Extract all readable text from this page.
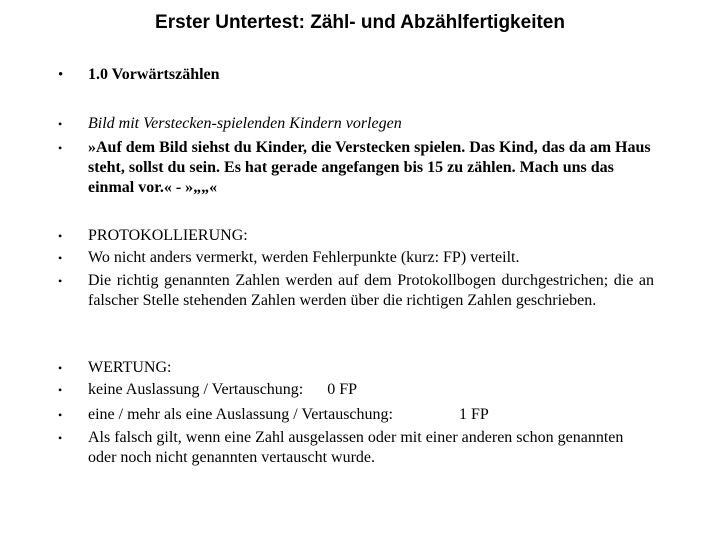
Erster Untertest: Zähl- und Abzählfertigkeiten
•	1.0 Vorwärtszählen
•	Bild mit Verstecken-spielenden Kindern vorlegen
•	»Auf dem Bild siehst du Kinder, die Verstecken spielen. Das Kind, das da am Haus steht, sollst du sein. Es hat gerade angefangen bis 15 zu zählen. Mach uns das einmal vor.« - »„„«
•	PROTOKOLLIERUNG:
•	Wo nicht anders vermerkt, werden Fehlerpunkte (kurz: FP) verteilt.
•	Die richtig genannten Zahlen werden auf dem Protokollbogen durchgestrichen; die an falscher Stelle stehenden Zahlen werden über die richtigen Zahlen geschrieben.
•	WERTUNG:
•	keine Auslassung / Vertauschung: 0 FP
•	eine / mehr als eine Auslassung / Vertauschung:	1 FP
•	Als falsch gilt, wenn eine Zahl ausgelassen oder mit einer anderen schon genannten oder noch nicht genannten vertauscht wurde.
